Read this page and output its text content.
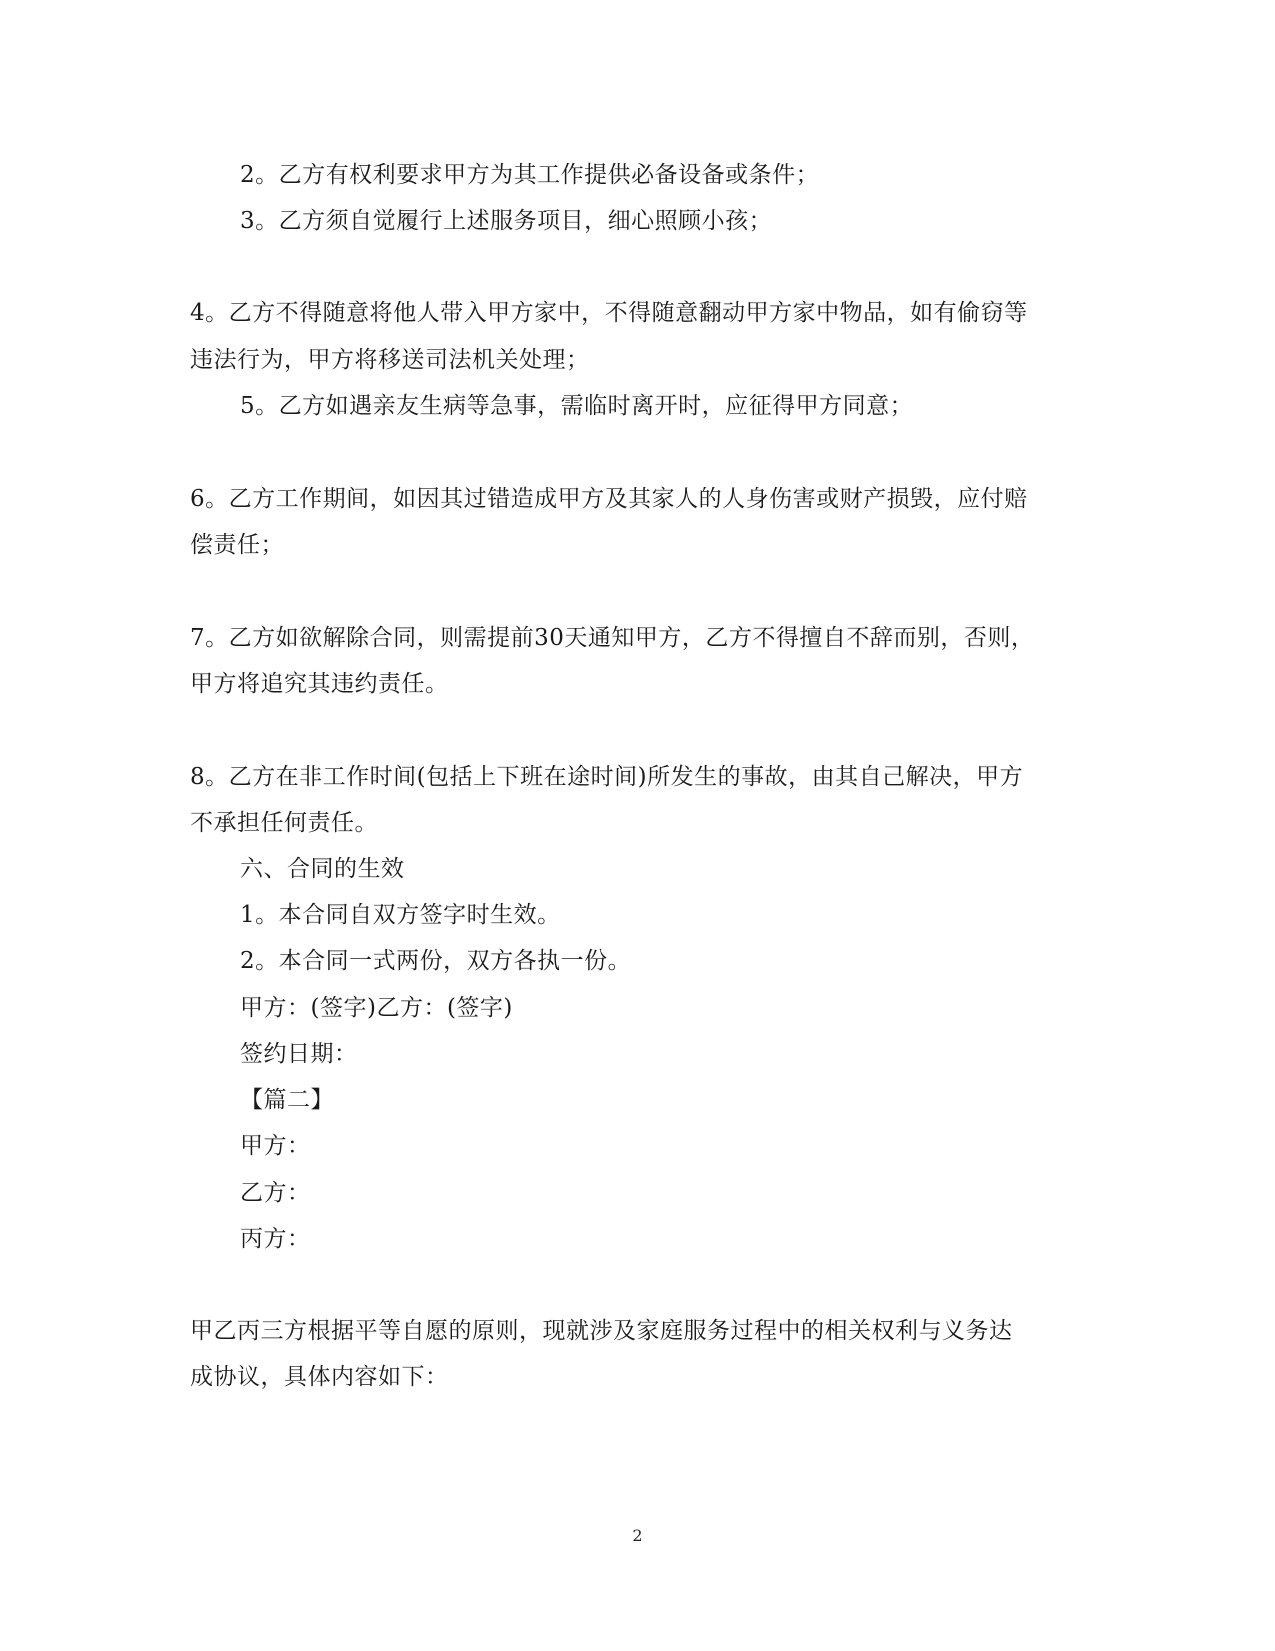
2。乙方有权利要求甲方为其工作提供必备设备或条件；
3。乙方须自觉履行上述服务项目，细心照顾小孩；
4。乙方不得随意将他人带入甲方家中，不得随意翻动甲方家中物品，如有偷窃等
违法行为，甲方将移送司法机关处理；
5。乙方如遇亲友生病等急事，需临时离开时，应征得甲方同意；
6。乙方工作期间，如因其过错造成甲方及其家人的人身伤害或财产损毁，应付赔
偿责任；
7。乙方如欲解除合同，则需提前30天通知甲方，乙方不得擅自不辞而别，否则，
甲方将追究其违约责任。
8。乙方在非工作时间(包括上下班在途时间)所发生的事故，由其自己解决，甲方
不承担任何责任。
六、合同的生效
1。本合同自双方签字时生效。
2。本合同一式两份，双方各执一份。
甲方：(签字)乙方：(签字)
签约日期：
【篇二】
甲方：
乙方：
丙方：
甲乙丙三方根据平等自愿的原则，现就涉及家庭服务过程中的相关权利与义务达
成协议，具体内容如下：
2
